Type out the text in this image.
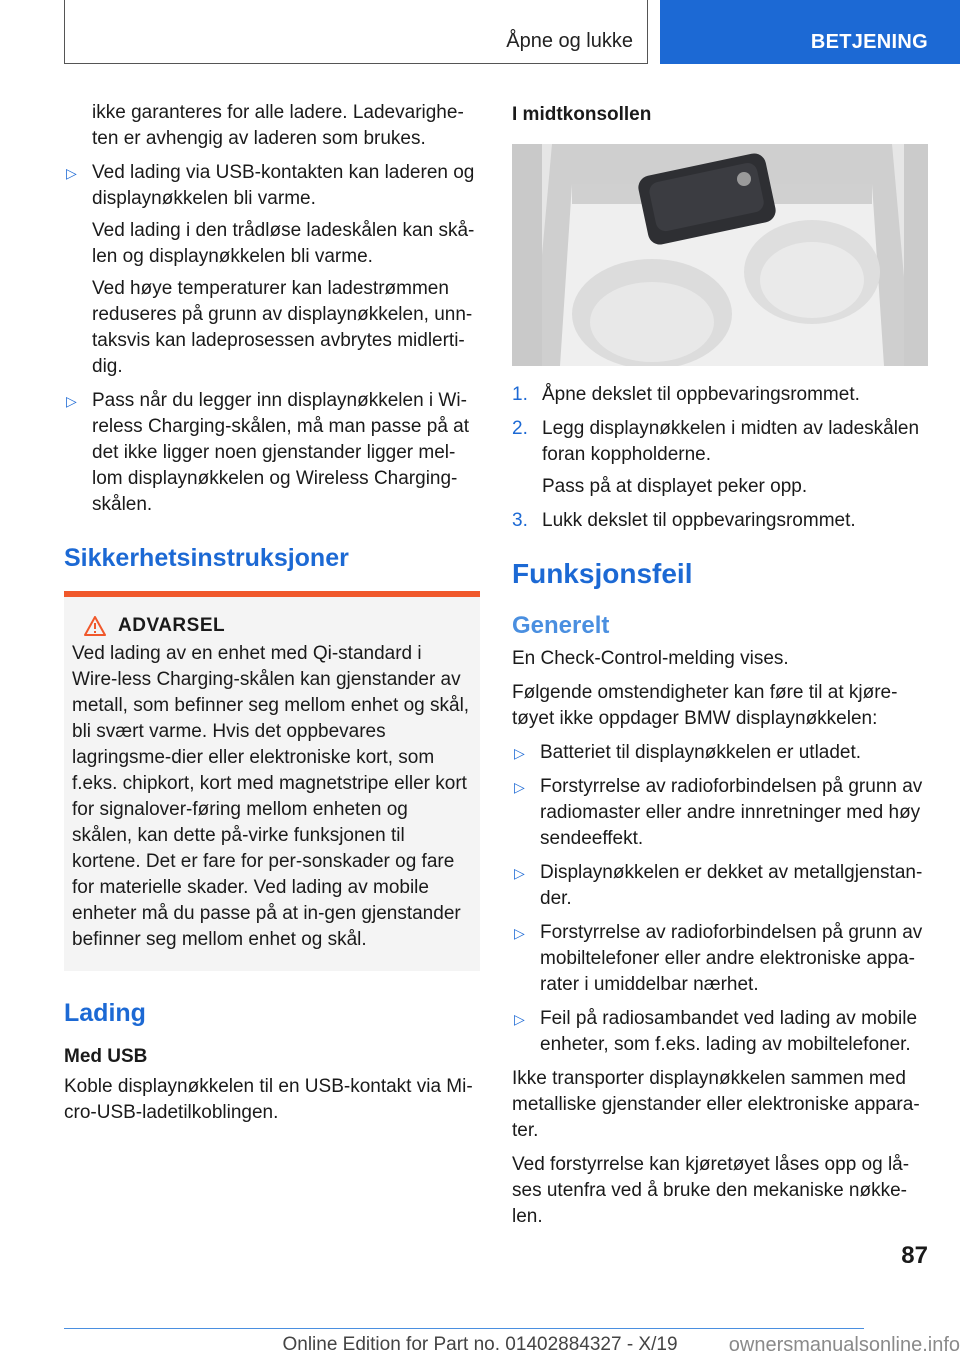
Åpne og lukke	BETJENING
ikke garanteres for alle ladere. Ladevarighe-ten er avhengig av laderen som brukes.
▷ Ved lading via USB-kontakten kan laderen og displaynøkkelen bli varme.
Ved lading i den trådløse ladeskålen kan skå-len og displaynøkkelen bli varme.
Ved høye temperaturer kan ladestrømmen reduseres på grunn av displaynøkkelen, unn-taksvis kan ladeprosessen avbrytes midlerti-dig.
▷ Pass når du legger inn displaynøkkelen i Wi-reless Charging-skålen, må man passe på at det ikke ligger noen gjenstander ligger mel-lom displaynøkkelen og Wireless Charging-skålen.
Sikkerhetsinstruksjoner
ADVARSEL
Ved lading av en enhet med Qi-standard i Wire-less Charging-skålen kan gjenstander av metall, som befinner seg mellom enhet og skål, bli svært varme. Hvis det oppbevares lagringsme-dier eller elektroniske kort, som f.eks. chipkort, kort med magnetstripe eller kort for signalover-føring mellom enheten og skålen, kan dette på-virke funksjonen til kortene. Det er fare for per-sonskader og fare for materielle skader. Ved lading av mobile enheter må du passe på at in-gen gjenstander befinner seg mellom enhet og skål.
Lading
Med USB
Koble displaynøkkelen til en USB-kontakt via Mi-cro-USB-ladetilkoblingen.
I midtkonsollen
1. Åpne dekslet til oppbevaringsrommet.
2. Legg displaynøkkelen i midten av ladeskålen foran koppholderne.
Pass på at displayet peker opp.
3. Lukk dekslet til oppbevaringsrommet.
Funksjonsfeil
Generelt
En Check-Control-melding vises.
Følgende omstendigheter kan føre til at kjøre-tøyet ikke oppdager BMW displaynøkkelen:
▷ Batteriet til displaynøkkelen er utladet.
▷ Forstyrrelse av radioforbindelsen på grunn av radiomaster eller andre innretninger med høy sendeeffekt.
▷ Displaynøkkelen er dekket av metallgjenstan-der.
▷ Forstyrrelse av radioforbindelsen på grunn av mobiltelefoner eller andre elektroniske appa-rater i umiddelbar nærhet.
▷ Feil på radiosambandet ved lading av mobile enheter, som f.eks. lading av mobiltelefoner.
Ikke transporter displaynøkkelen sammen med metalliske gjenstander eller elektroniske appara-ter.
Ved forstyrrelse kan kjøretøyet låses opp og lå-ses utenfra ved å bruke den mekaniske nøkke-len.
87
Online Edition for Part no. 01402884327 - X/19	ownersmanualsonline.info
